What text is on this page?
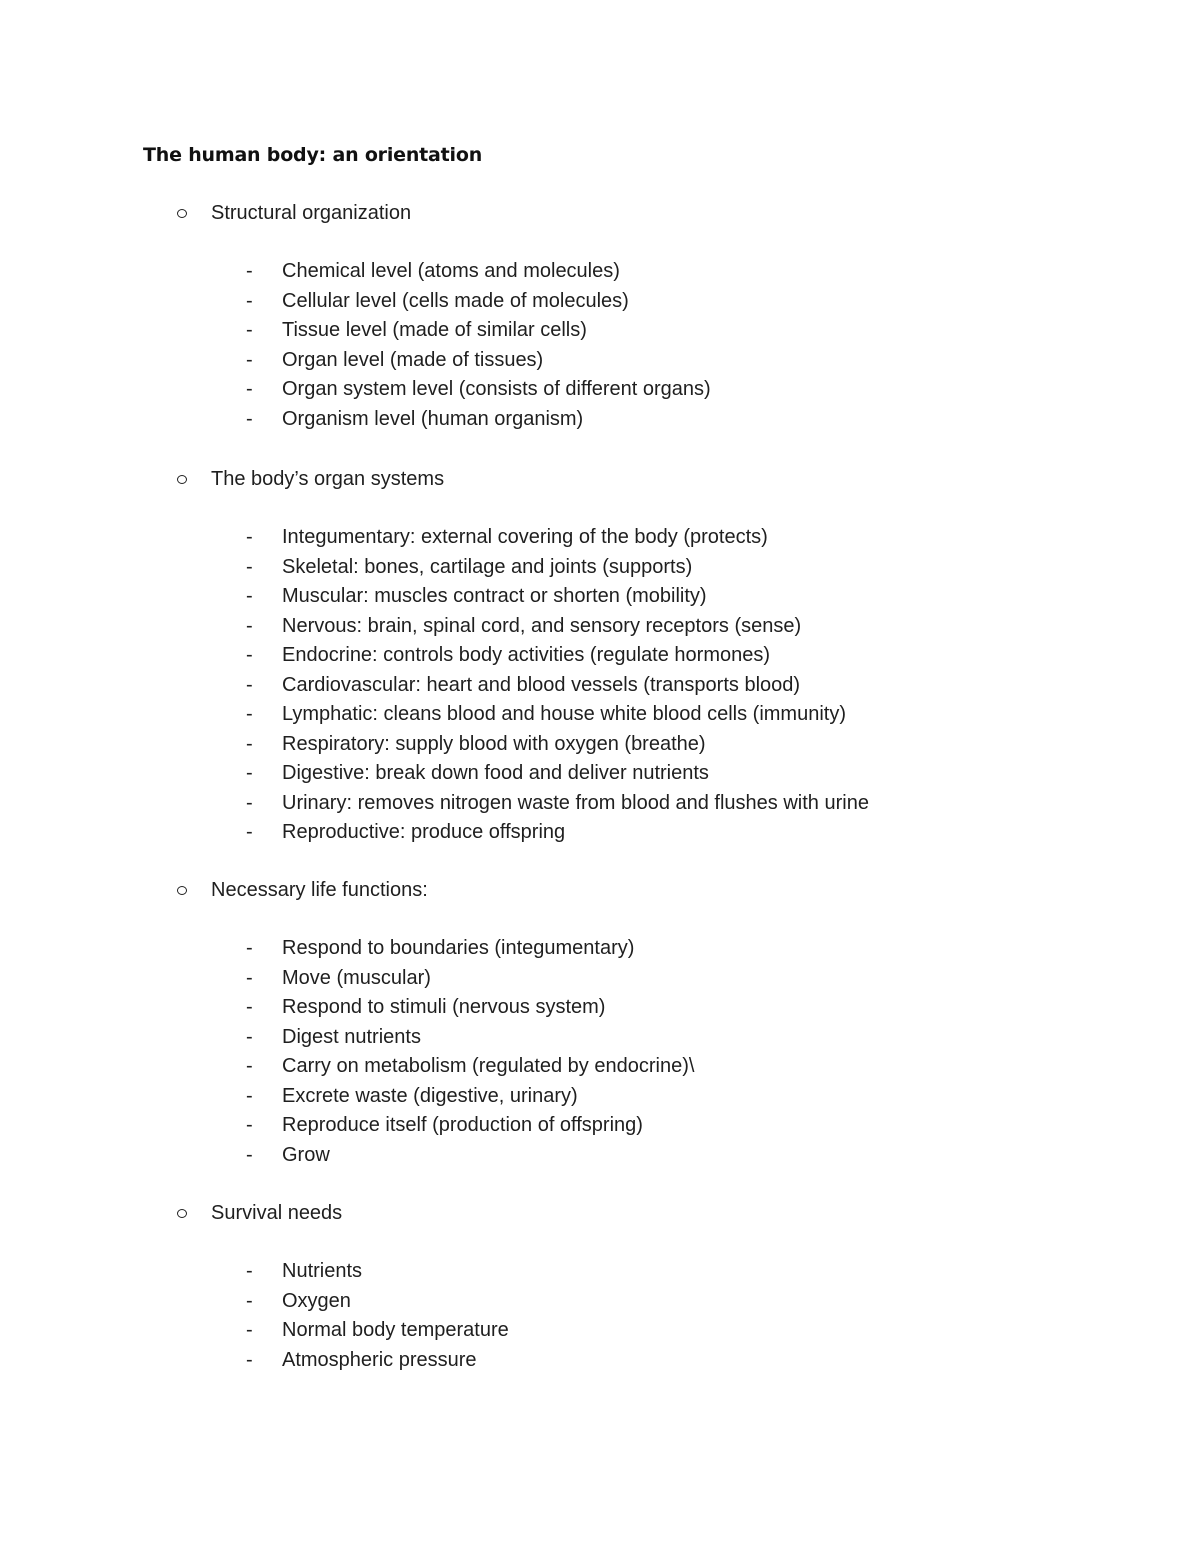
The human body: an orientation
Structural organization
- Chemical level (atoms and molecules)
- Cellular level (cells made of molecules)
- Tissue level (made of similar cells)
- Organ level (made of tissues)
- Organ system level (consists of different organs)
- Organism level (human organism)
The body’s organ systems
- Integumentary: external covering of the body (protects)
- Skeletal: bones, cartilage and joints (supports)
- Muscular: muscles contract or shorten (mobility)
- Nervous: brain, spinal cord, and sensory receptors (sense)
- Endocrine: controls body activities (regulate hormones)
- Cardiovascular: heart and blood vessels (transports blood)
- Lymphatic: cleans blood and house white blood cells (immunity)
- Respiratory: supply blood with oxygen (breathe)
- Digestive: break down food and deliver nutrients
- Urinary: removes nitrogen waste from blood and flushes with urine
- Reproductive: produce offspring
Necessary life functions:
- Respond to boundaries (integumentary)
- Move (muscular)
- Respond to stimuli (nervous system)
- Digest nutrients
- Carry on metabolism (regulated by endocrine)\
- Excrete waste (digestive, urinary)
- Reproduce itself (production of offspring)
- Grow
Survival needs
- Nutrients
- Oxygen
- Normal body temperature
- Atmospheric pressure
